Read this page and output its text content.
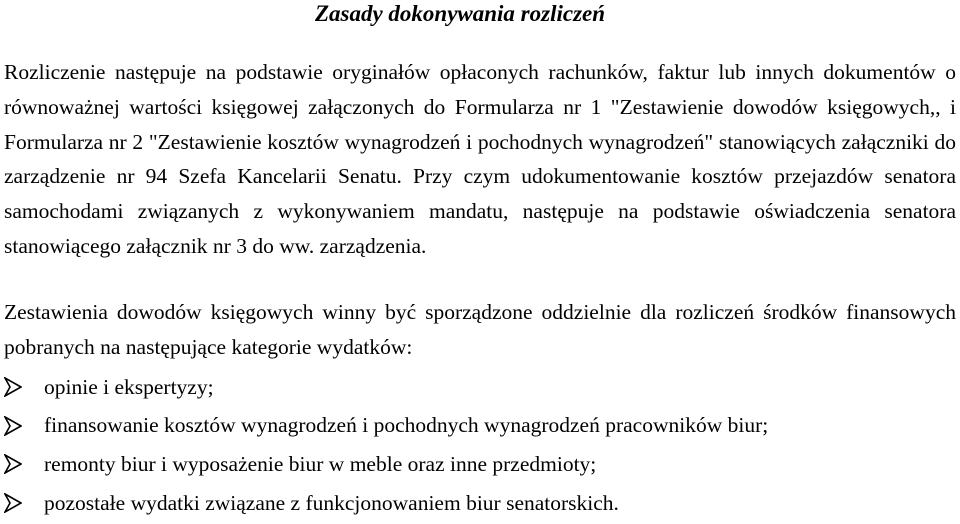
Zasady dokonywania rozliczeń

Rozliczenie następuje na podstawie oryginałów opłaconych rachunków, faktur lub innych dokumentów o równoważnej wartości księgowej załączonych do Formularza nr 1 "Zestawienie dowodów księgowych,, i Formularza nr 2 "Zestawienie kosztów wynagrodzeń i pochodnych wynagrodzeń" stanowiących załączniki do zarządzenie nr 94 Szefa Kancelarii Senatu. Przy czym udokumentowanie kosztów przejazdów senatora samochodami związanych z wykonywaniem mandatu, następuje na podstawie oświadczenia senatora stanowiącego załącznik nr 3 do ww. zarządzenia.

Zestawienia dowodów księgowych winny być sporządzone oddzielnie dla rozliczeń środków finansowych pobranych na następujące kategorie wydatków:

opinie i ekspertyzy;
finansowanie kosztów wynagrodzeń i pochodnych wynagrodzeń pracowników biur;
remonty biur i wyposażenie biur w meble oraz inne przedmioty;
pozostałe wydatki związane z funkcjonowaniem biur senatorskich.
